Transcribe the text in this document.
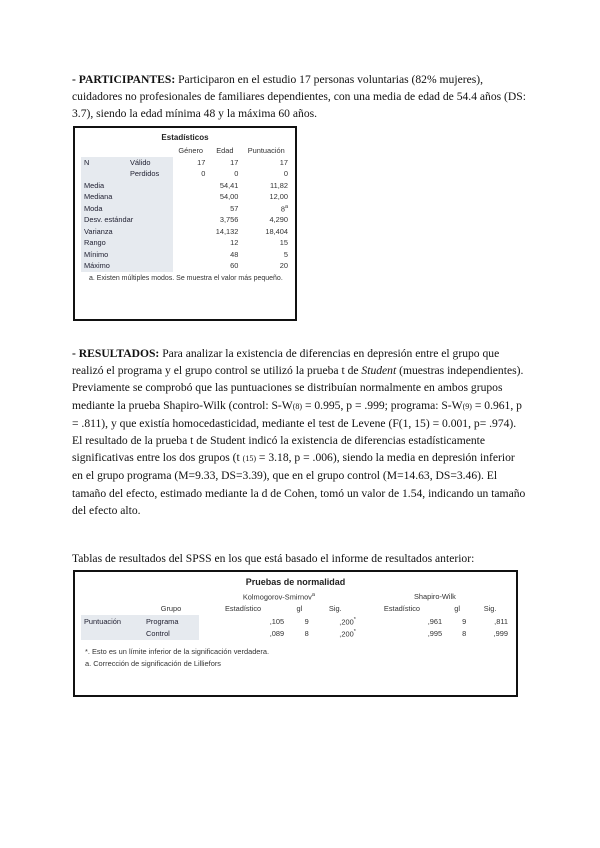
- PARTICIPANTES: Participaron en el estudio 17 personas voluntarias (82% mujeres), cuidadores no profesionales de familiares dependientes, con una media de edad de 54.4 años (DS: 3.7), siendo la edad mínima 48 y la máxima 60 años.
Estadísticos
		Género	Edad	Puntuación
N	Válido	17	17	17
	Perdidos	0	0	0
Media			54,41	11,82
Mediana			54,00	12,00
Moda			57	8$^a$
Desv. estándar			3,756	4,290
Varianza			14,132	18,404
Rango			12	15
Mínimo			48	5
Máximo			60	20
a. Existen múltiples modos. Se muestra el valor más pequeño.
- RESULTADOS: Para analizar la existencia de diferencias en depresión entre el grupo que realizó el programa y el grupo control se utilizó la prueba t de Student (muestras independientes). Previamente se comprobó que las puntuaciones se distribuían normalmente en ambos grupos mediante la prueba Shapiro-Wilk (control: S-W(8) = 0.995, p = .999; programa: S-W(9) = 0.961, p = .811), y que existía homocedasticidad, mediante el test de Levene (F(1, 15) = 0.001, p= .974). El resultado de la prueba t de Student indicó la existencia de diferencias estadísticamente significativas entre los dos grupos (t (15) = 3.18, p = .006), siendo la media en depresión inferior en el grupo programa (M=9.33, DS=3.39), que en el grupo control (M=14.63, DS=3.46). El tamaño del efecto, estimado mediante la d de Cohen, tomó un valor de 1.54, indicando un tamaño del efecto alto.
Tablas de resultados del SPSS en los que está basado el informe de resultados anterior:
Pruebas de normalidad
		Kolmogorov-Smirnov$^a$			Shapiro-Wilk		
	Grupo	Estadístico	gl	Sig.	Estadístico	gl	Sig.
Puntuación	Programa	,105	9	,200*	,961	9	,811
	Control	,089	8	,200*	,995	8	,999
*. Esto es un límite inferior de la significación verdadera.
a. Corrección de significación de Lilliefors
